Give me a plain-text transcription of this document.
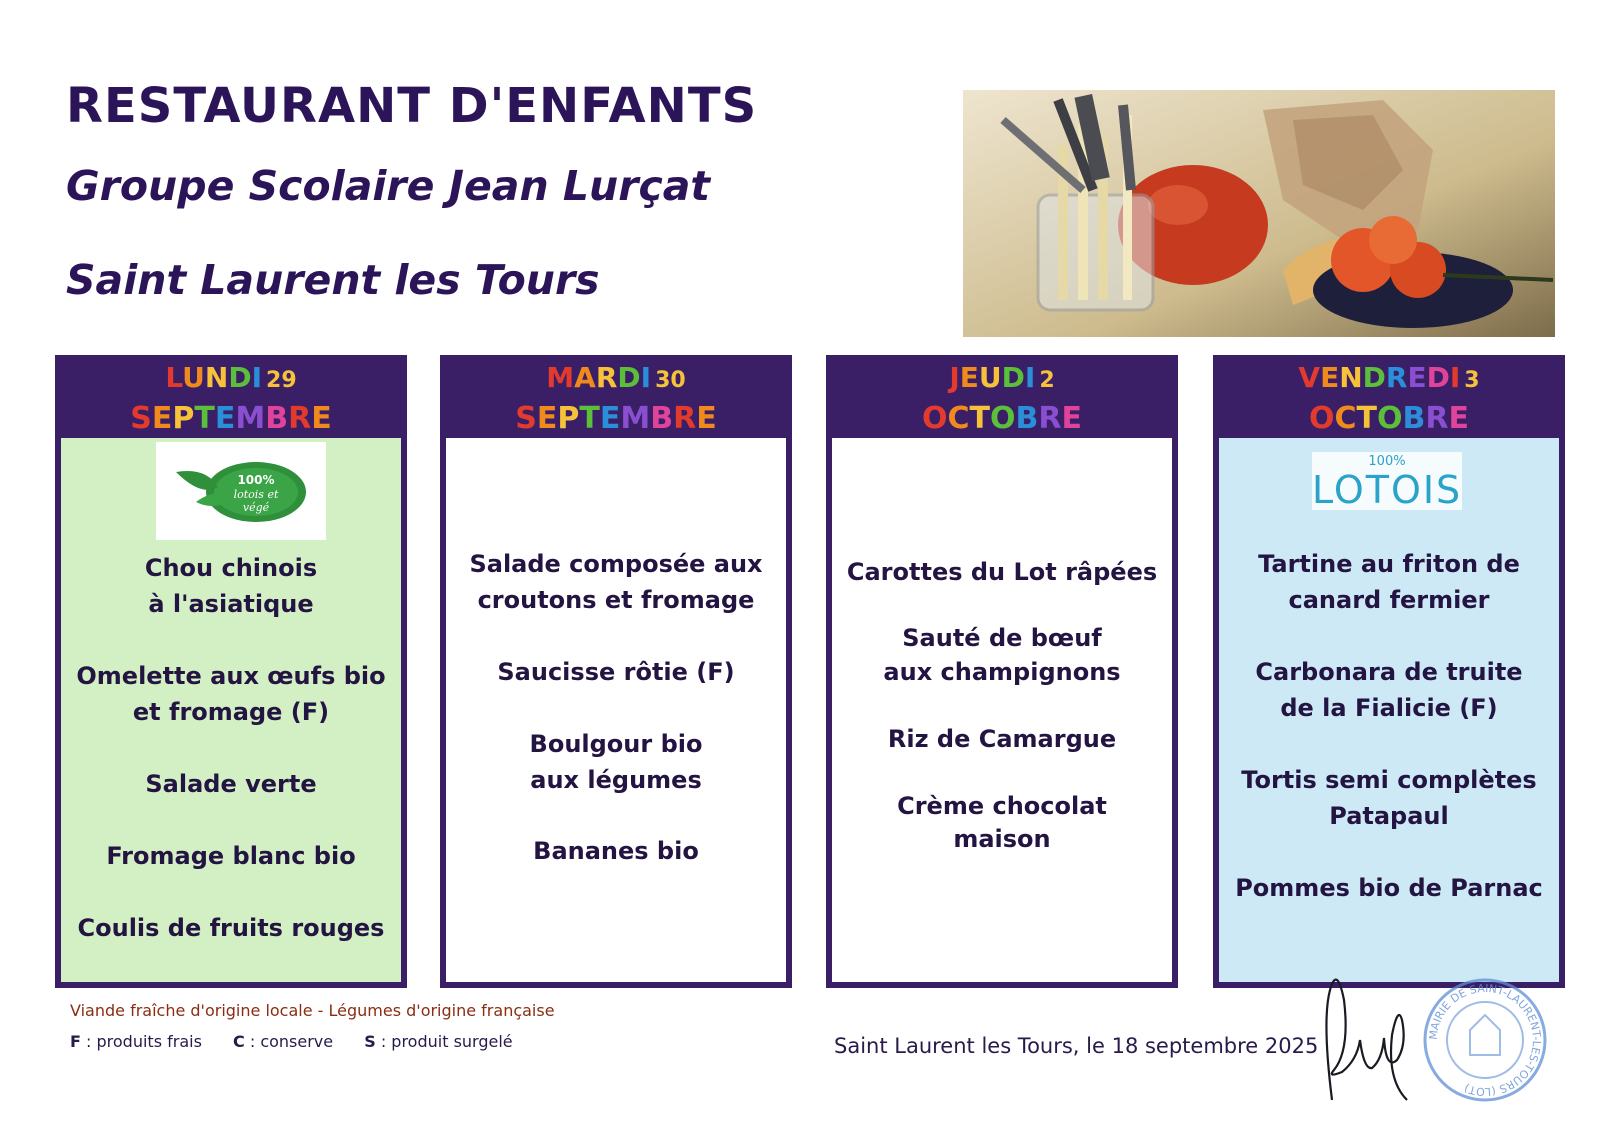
RESTAURANT D'ENFANTS
Groupe Scolaire Jean Lurçat
Saint Laurent les Tours
LUNDI 29
SEPTEMBRE
100%
lotois et
végé
Chou chinois
à l'asiatique
Omelette aux œufs bio
et fromage (F)
Salade verte
Fromage blanc bio
Coulis de fruits rouges
MARDI 30
SEPTEMBRE
Salade composée aux
croutons et fromage
Saucisse rôtie (F)
Boulgour bio
aux légumes
Bananes bio
JEUDI 2
OCTOBRE
Carottes du Lot râpées
Sauté de bœuf
aux champignons
Riz de Camargue
Crème chocolat
maison
VENDREDI 3
OCTOBRE
100%
LOTOIS
Tartine au friton de
canard fermier
Carbonara de truite
de la Fialicie (F)
Tortis semi complètes
Patapaul
Pommes bio de Parnac
Viande fraîche d'origine locale - Légumes d'origine française
F : produits frais C : conserve S : produit surgelé	Saint Laurent les Tours, le 18 septembre 2025	MAIRIE DE SAINT-LAURENT-LES-TOURS (LOT)
